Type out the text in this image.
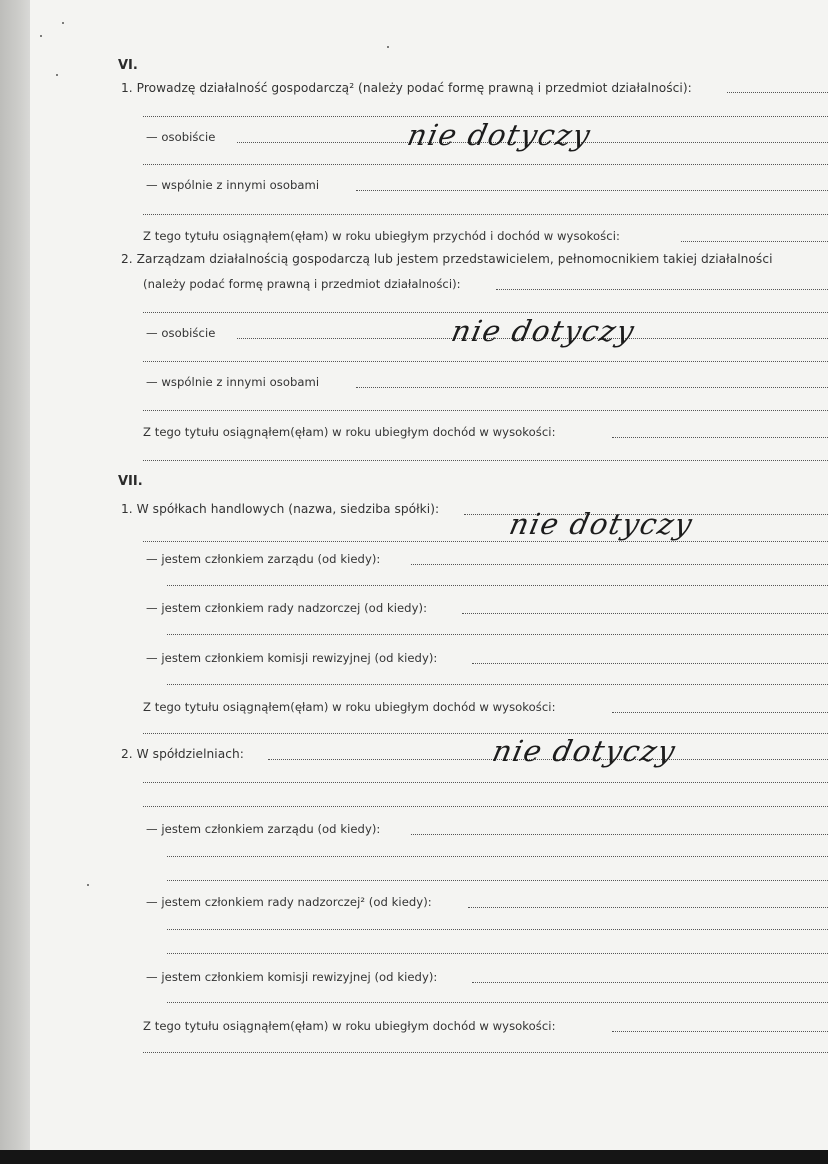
VI.
1. Prowadzę działalność gospodarczą² (należy podać formę prawną i przedmiot działalności):
— osobiście	nie dotyczy
— wspólnie z innymi osobami
Z tego tytułu osiągnąłem(ęłam) w roku ubiegłym przychód i dochód w wysokości:
2. Zarządzam działalnością gospodarczą lub jestem przedstawicielem, pełnomocnikiem takiej działalności
(należy podać formę prawną i przedmiot działalności):
— osobiście	nie dotyczy
— wspólnie z innymi osobami
Z tego tytułu osiągnąłem(ęłam) w roku ubiegłym dochód w wysokości:
VII.
1. W spółkach handlowych (nazwa, siedziba spółki): nie dotyczy
— jestem członkiem zarządu (od kiedy):
— jestem członkiem rady nadzorczej (od kiedy):
— jestem członkiem komisji rewizyjnej (od kiedy):
Z tego tytułu osiągnąłem(ęłam) w roku ubiegłym dochód w wysokości:
2. W spółdzielniach:	nie dotyczy
— jestem członkiem zarządu (od kiedy):
— jestem członkiem rady nadzorczej² (od kiedy):
— jestem członkiem komisji rewizyjnej (od kiedy):
Z tego tytułu osiągnąłem(ęłam) w roku ubiegłym dochód w wysokości:
